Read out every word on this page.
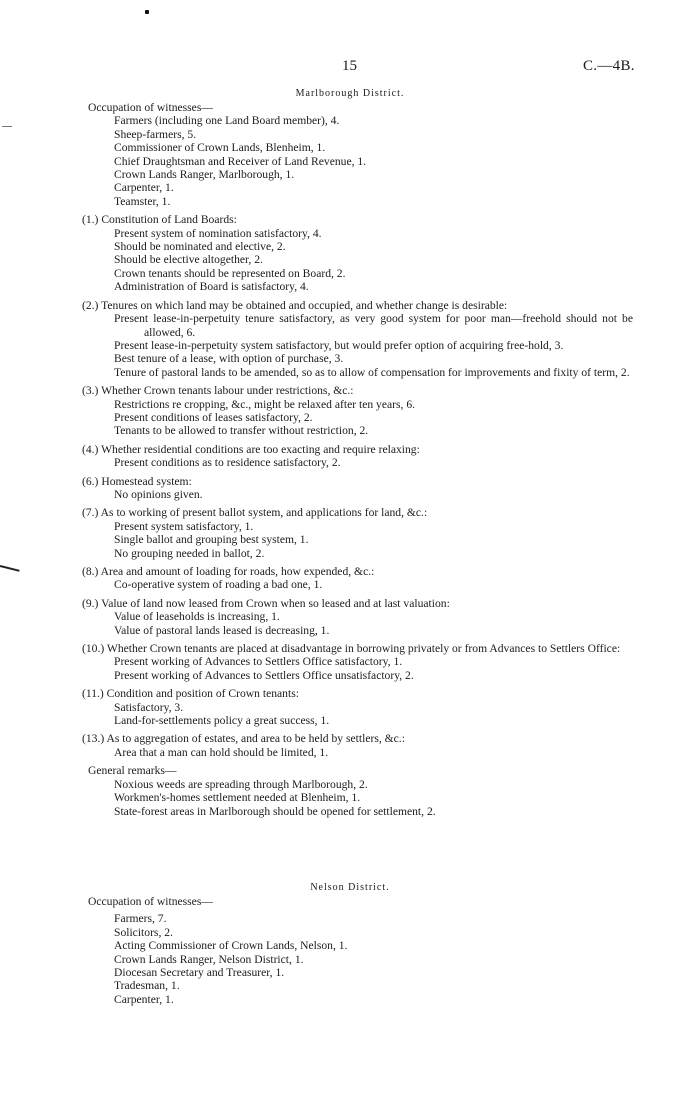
15	C.—4B.
Marlborough District.
Occupation of witnesses—
Farmers (including one Land Board member), 4.
Sheep-farmers, 5.
Commissioner of Crown Lands, Blenheim, 1.
Chief Draughtsman and Receiver of Land Revenue, 1.
Crown Lands Ranger, Marlborough, 1.
Carpenter, 1.
Teamster, 1.
(1.) Constitution of Land Boards:
Present system of nomination satisfactory, 4.
Should be nominated and elective, 2.
Should be elective altogether, 2.
Crown tenants should be represented on Board, 2.
Administration of Board is satisfactory, 4.
(2.) Tenures on which land may be obtained and occupied, and whether change is desirable:
Present lease-in-perpetuity tenure satisfactory, as very good system for poor man—freehold should not be allowed, 6.
Present lease-in-perpetuity system satisfactory, but would prefer option of acquiring free-hold, 3.
Best tenure of a lease, with option of purchase, 3.
Tenure of pastoral lands to be amended, so as to allow of compensation for improvements and fixity of term, 2.
(3.) Whether Crown tenants labour under restrictions, &c.:
Restrictions re cropping, &c., might be relaxed after ten years, 6.
Present conditions of leases satisfactory, 2.
Tenants to be allowed to transfer without restriction, 2.
(4.) Whether residential conditions are too exacting and require relaxing:
Present conditions as to residence satisfactory, 2.
(6.) Homestead system:
No opinions given.
(7.) As to working of present ballot system, and applications for land, &c.:
Present system satisfactory, 1.
Single ballot and grouping best system, 1.
No grouping needed in ballot, 2.
(8.) Area and amount of loading for roads, how expended, &c.:
Co-operative system of roading a bad one, 1.
(9.) Value of land now leased from Crown when so leased and at last valuation:
Value of leaseholds is increasing, 1.
Value of pastoral lands leased is decreasing, 1.
(10.) Whether Crown tenants are placed at disadvantage in borrowing privately or from Advances to Settlers Office:
Present working of Advances to Settlers Office satisfactory, 1.
Present working of Advances to Settlers Office unsatisfactory, 2.
(11.) Condition and position of Crown tenants:
Satisfactory, 3.
Land-for-settlements policy a great success, 1.
(13.) As to aggregation of estates, and area to be held by settlers, &c.:
Area that a man can hold should be limited, 1.
General remarks—
Noxious weeds are spreading through Marlborough, 2.
Workmen's-homes settlement needed at Blenheim, 1.
State-forest areas in Marlborough should be opened for settlement, 2.
Nelson District.
Occupation of witnesses—
Farmers, 7.
Solicitors, 2.
Acting Commissioner of Crown Lands, Nelson, 1.
Crown Lands Ranger, Nelson District, 1.
Diocesan Secretary and Treasurer, 1.
Tradesman, 1.
Carpenter, 1.
